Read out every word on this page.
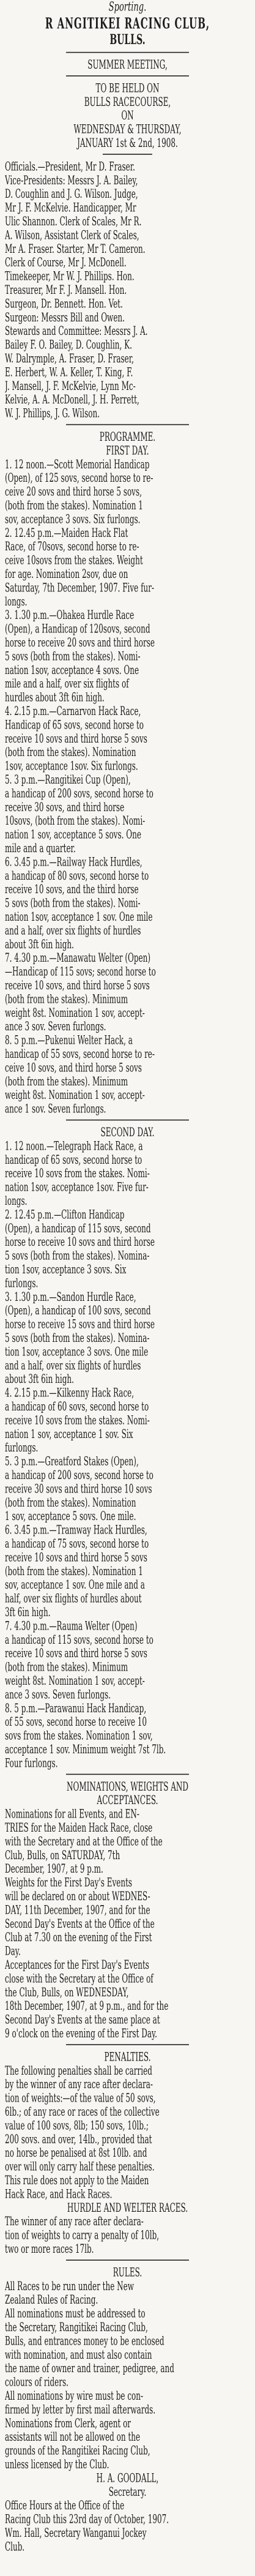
Sporting.
R ANGITIKEI RACING CLUB,
BULLS.
SUMMER MEETING,
TO BE HELD ON
BULLS RACECOURSE,
ON
WEDNESDAY & THURSDAY,
JANUARY 1st & 2nd, 1908.
Officials.—President, Mr D. Fraser.
Vice-Presidents: Messrs J. A. Bailey,
D. Coughlin and J. G. Wilson. Judge,
Mr J. F. McKelvie. Handicapper, Mr
Ulic Shannon. Clerk of Scales, Mr R.
A. Wilson, Assistant Clerk of Scales,
Mr A. Fraser. Starter, Mr T. Cameron.
Clerk of Course, Mr J. McDonell.
Timekeeper, Mr W. J. Phillips. Hon.
Treasurer, Mr F. J. Mansell. Hon.
Surgeon, Dr. Bennett. Hon. Vet.
Surgeon: Messrs Bill and Owen.
Stewards and Committee: Messrs J. A.
Bailey F. O. Bailey, D. Coughlin, K.
W. Dalrymple, A. Fraser, D. Fraser,
E. Herbert, W. A. Keller, T. King, F.
J. Mansell, J. F. McKelvie, Lynn Mc-
Kelvie, A. A. McDonell, J. H. Perrett,
W. J. Phillips, J. G. Wilson.
PROGRAMME.
FIRST DAY.
1. 12 noon.—Scott Memorial Handicap
(Open), of 125 sovs, second horse to re-
ceive 20 sovs and third horse 5 sovs,
(both from the stakes). Nomination 1
sov, acceptance 3 sovs. Six furlongs.
2. 12.45 p.m.—Maiden Hack Flat
Race, of 70sovs, second horse to re-
ceive 10sovs from the stakes. Weight
for age. Nomination 2sov, due on
Saturday, 7th December, 1907. Five fur-
longs.
3. 1.30 p.m.—Ohakea Hurdle Race
(Open), a Handicap of 120sovs, second
horse to receive 20 sovs and third horse
5 sovs (both from the stakes). Nomi-
nation 1sov, acceptance 4 sovs. One
mile and a half, over six flights of
hurdles about 3ft 6in high.
4. 2.15 p.m.—Carnarvon Hack Race,
Handicap of 65 sovs, second horse to
receive 10 sovs and third horse 5 sovs
(both from the stakes). Nomination
1sov, acceptance 1sov. Six furlongs.
5. 3 p.m.—Rangitikei Cup (Open),
a handicap of 200 sovs, second horse to
receive 30 sovs, and third horse
10sovs, (both from the stakes). Nomi-
nation 1 sov, acceptance 5 sovs. One
mile and a quarter.
6. 3.45 p.m.—Railway Hack Hurdles,
a handicap of 80 sovs, second horse to
receive 10 sovs, and the third horse
5 sovs (both from the stakes). Nomi-
nation 1sov, acceptance 1 sov. One mile
and a half, over six flights of hurdles
about 3ft 6in high.
7. 4.30 p.m.—Manawatu Welter (Open)
—Handicap of 115 sovs; second horse to
receive 10 sovs, and third horse 5 sovs
(both from the stakes). Minimum
weight 8st. Nomination 1 sov, accept-
ance 3 sov. Seven furlongs.
8. 5 p.m.—Pukenui Welter Hack, a
handicap of 55 sovs, second horse to re-
ceive 10 sovs, and third horse 5 sovs
(both from the stakes). Minimum
weight 8st. Nomination 1 sov, accept-
ance 1 sov. Seven furlongs.
SECOND DAY.
1. 12 noon.—Telegraph Hack Race, a
handicap of 65 sovs, second horse to
receive 10 sovs from the stakes. Nomi-
nation 1sov, acceptance 1sov. Five fur-
longs.
2. 12.45 p.m.—Clifton Handicap
(Open), a handicap of 115 sovs, second
horse to receive 10 sovs and third horse
5 sovs (both from the stakes). Nomina-
tion 1sov, acceptance 3 sovs. Six
furlongs.
3. 1.30 p.m.—Sandon Hurdle Race,
(Open), a handicap of 100 sovs, second
horse to receive 15 sovs and third horse
5 sovs (both from the stakes). Nomina-
tion 1sov, acceptance 3 sovs. One mile
and a half, over six flights of hurdles
about 3ft 6in high.
4. 2.15 p.m.—Kilkenny Hack Race,
a handicap of 60 sovs, second horse to
receive 10 sovs from the stakes. Nomi-
nation 1 sov, acceptance 1 sov. Six
furlongs.
5. 3 p.m.—Greatford Stakes (Open),
a handicap of 200 sovs, second horse to
receive 30 sovs and third horse 10 sovs
(both from the stakes). Nomination
1 sov, acceptance 5 sovs. One mile.
6. 3.45 p.m.—Tramway Hack Hurdles,
a handicap of 75 sovs, second horse to
receive 10 sovs and third horse 5 sovs
(both from the stakes). Nomination 1
sov, acceptance 1 sov. One mile and a
half, over six flights of hurdles about
3ft 6in high.
7. 4.30 p.m.—Rauma Welter (Open)
a handicap of 115 sovs, second horse to
receive 10 sovs and third horse 5 sovs
(both from the stakes). Minimum
weight 8st. Nomination 1 sov, accept-
ance 3 sovs. Seven furlongs.
8. 5 p.m.—Parawanui Hack Handicap,
of 55 sovs, second horse to receive 10
sovs from the stakes. Nomination 1 sov,
acceptance 1 sov. Minimum weight 7st 7lb.
Four furlongs.
NOMINATIONS, WEIGHTS AND
ACCEPTANCES.
Nominations for all Events, and EN-
TRIES for the Maiden Hack Race, close
with the Secretary and at the Office of the
Club, Bulls, on SATURDAY, 7th
December, 1907, at 9 p.m.
Weights for the First Day's Events
will be declared on or about WEDNES-
DAY, 11th December, 1907, and for the
Second Day's Events at the Office of the
Club at 7.30 on the evening of the First
Day.
Acceptances for the First Day's Events
close with the Secretary at the Office of
the Club, Bulls, on WEDNESDAY,
18th December, 1907, at 9 p.m., and for the
Second Day's Events at the same place at
9 o'clock on the evening of the First Day.
PENALTIES.
The following penalties shall be carried
by the winner of any race after declara-
tion of weights:—of the value of 50 sovs,
6lb.; of any race or races of the collective
value of 100 sovs, 8lb; 150 sovs, 10lb.;
200 sovs. and over, 14lb., provided that
no horse be penalised at 8st 10lb. and
over will only carry half these penalties.
This rule does not apply to the Maiden
Hack Race, and Hack Races.
HURDLE AND WELTER RACES.
The winner of any race after declara-
tion of weights to carry a penalty of 10lb,
two or more races 17lb.
RULES.
All Races to be run under the New
Zealand Rules of Racing.
All nominations must be addressed to
the Secretary, Rangitikei Racing Club,
Bulls, and entrances money to be enclosed
with nomination, and must also contain
the name of owner and trainer, pedigree, and
colours of riders.
All nominations by wire must be con-
firmed by letter by first mail afterwards.
Nominations from Clerk, agent or
assistants will not be allowed on the
grounds of the Rangitikei Racing Club,
unless licensed by the Club.
H. A. GOODALL,
Secretary.
Office Hours at the Office of the
Racing Club this 23rd day of October, 1907.
Wm. Hall, Secretary Wanganui Jockey
Club.
